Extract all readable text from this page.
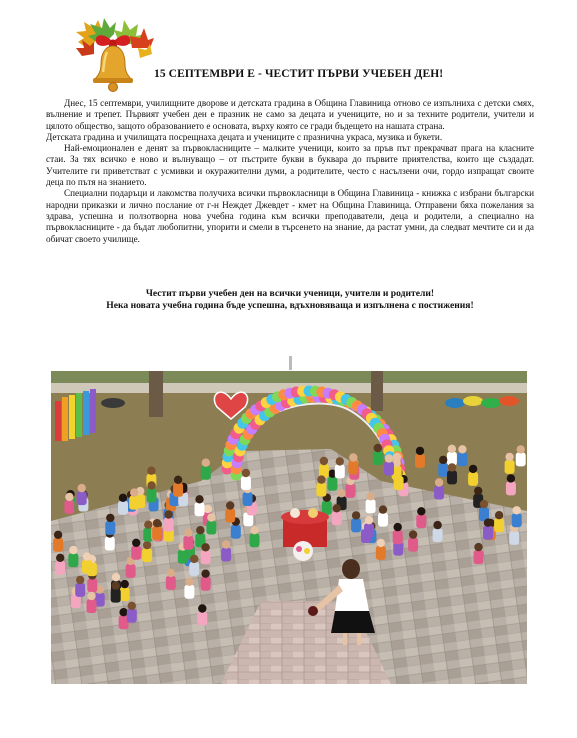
15 СЕПТЕМВРИ Е - ЧЕСТИТ ПЪРВИ УЧЕБЕН ДЕН!

Днес, 15 септември, училищните дворове и детската градина в Община Главиница отново се изпълниха с детски смях, вълнение и трепет. Първият учебен ден е празник не само за децата и учениците, но и за техните родители, учители и цялото общество, защото образованието е основата, върху която се гради бъдещето на нашата страна.

Детската градина и училищата посрещнаха децата и учениците с празнична украса, музика и букети.

Най-емоционален е денят за първокласниците – малките ученици, които за пръв път прекрачват прага на класните стаи. За тях всичко е ново и вълнуващо – от пъстрите букви в буквара до първите приятелства, които ще създадат. Учителите ги приветстват с усмивки и окуражителни думи, а родителите, често с насълзени очи, гордо изпращат своите деца по пътя на знанието.

Специални подаръци и лакомства получиха всички първокласници в Община Главиница - книжка с избрани български народни приказки и лично послание от г-н Неждет Джевдет - кмет на Община Главиница. Отправени бяха пожелания за здрава, успешна и ползотворна нова учебна година към всички преподаватели, деца и родители, а специално на първокласниците - да бъдат любопитни, упорити и смели в търсенето на знание, да растат умни, да следват мечтите си и да обичат своето училище.

Честит първи учебен ден на всички ученици, учители и родители!
Нека новата учебна година бъде успешна, вдъхновяваща и изпълнена с постижения!
